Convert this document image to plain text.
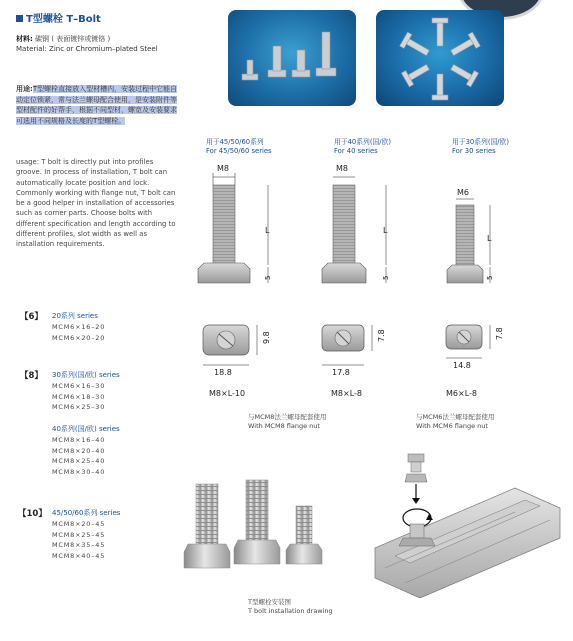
T型螺栓 T–Bolt
材料: 碳钢 ( 表面镀锌或镀铬 )
Material: Zinc or Chromium–plated Steel
用途:T型螺栓直接放入型材槽内，安装过程中它能自动定位锁紧，常与法兰螺母配合使用，是安装附件等型材配件的好帮手，根据不同型材，螺宽及安装要求可选用不同规格及长度的T型螺栓。
usage: T bolt is directly put into profiles groove. In process of installation, T bolt can automatically locate position and lock. Commonly working with flange nut, T bolt can be a good helper in installation of accessories such as corner parts. Choose bolts with different specification and length according to different profiles, slot width as well as installation requirements.
用于45/50/60系列
For 45/50/60 series
用于40系列(国/欧)
For 40 series
用于30系列(国/欧)
For 30 series
M8
L
5
18.8
9.8
M8
L
5
17.8
7.8
M6
L
5
14.8
7.8
M8×L-10	M8×L-8	M6×L-8
与MCM8法兰螺母配套使用
With MCM8 flange nut
与MCM6法兰螺母配套使用
With MCM6 flange nut
【6】 20系列 series
MCM6×16–20
MCM6×20–20
【8】 30系列(国/欧) series
MCM6×16–30
MCM6×18–30
MCM6×25–30
40系列(国/欧) series
MCM8×16–40
MCM8×20–40
MCM8×25–40
MCM8×30–40
【10】 45/50/60系列 series
MCM8×20–45
MCM8×25–45
MCM8×35–45
MCM8×40–45
T型螺栓安装图
T bolt installation drawing
